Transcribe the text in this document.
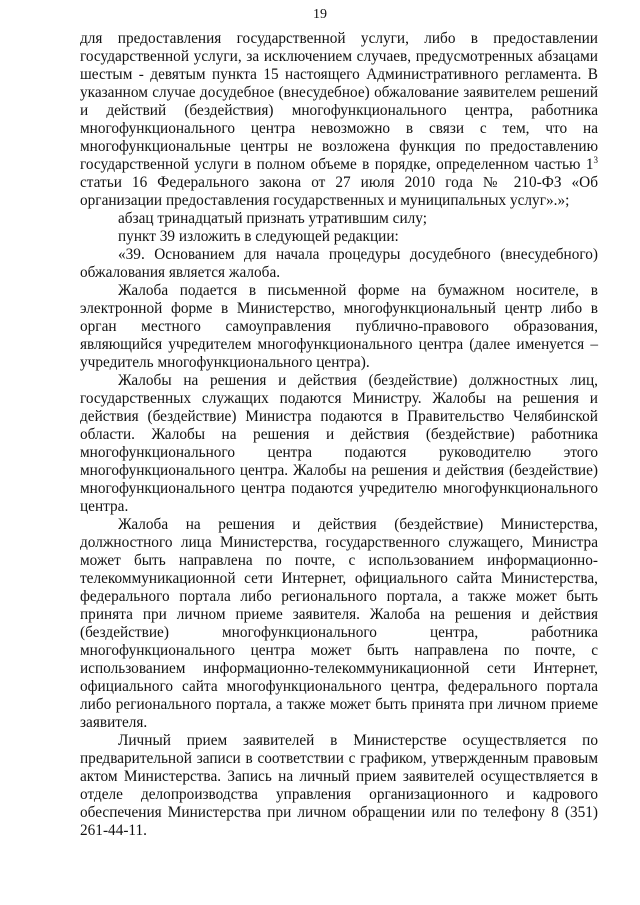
19

для предоставления государственной услуги, либо в предоставлении государственной услуги, за исключением случаев, предусмотренных абзацами шестым - девятым пункта 15 настоящего Административного регламента. В указанном случае досудебное (внесудебное) обжалование заявителем решений и действий (бездействия) многофункционального центра, работника многофункционального центра невозможно в связи с тем, что на многофункциональные центры не возложена функция по предоставлению государственной услуги в полном объеме в порядке, определенном частью $1^3$ статьи 16 Федерального закона от 27 июля 2010 года № 210-ФЗ «Об организации предоставления государственных и муниципальных услуг».»;

абзац тринадцатый признать утратившим силу;

пункт 39 изложить в следующей редакции:

«39. Основанием для начала процедуры досудебного (внесудебного) обжалования является жалоба.

Жалоба подается в письменной форме на бумажном носителе, в электронной форме в Министерство, многофункциональный центр либо в орган местного самоуправления публично-правового образования, являющийся учредителем многофункционального центра (далее именуется – учредитель многофункционального центра).

Жалобы на решения и действия (бездействие) должностных лиц, государственных служащих подаются Министру. Жалобы на решения и действия (бездействие) Министра подаются в Правительство Челябинской области. Жалобы на решения и действия (бездействие) работника многофункционального центра подаются руководителю этого многофункционального центра. Жалобы на решения и действия (бездействие) многофункционального центра подаются учредителю многофункционального центра.

Жалоба на решения и действия (бездействие) Министерства, должностного лица Министерства, государственного служащего, Министра может быть направлена по почте, с использованием информационно-телекоммуникационной сети Интернет, официального сайта Министерства, федерального портала либо регионального портала, а также может быть принята при личном приеме заявителя. Жалоба на решения и действия (бездействие) многофункционального центра, работника многофункционального центра может быть направлена по почте, с использованием информационно-телекоммуникационной сети Интернет, официального сайта многофункционального центра, федерального портала либо регионального портала, а также может быть принята при личном приеме заявителя.

Личный прием заявителей в Министерстве осуществляется по предварительной записи в соответствии с графиком, утвержденным правовым актом Министерства. Запись на личный прием заявителей осуществляется в отделе делопроизводства управления организационного и кадрового обеспечения Министерства при личном обращении или по телефону 8 (351) 261-44-11.
